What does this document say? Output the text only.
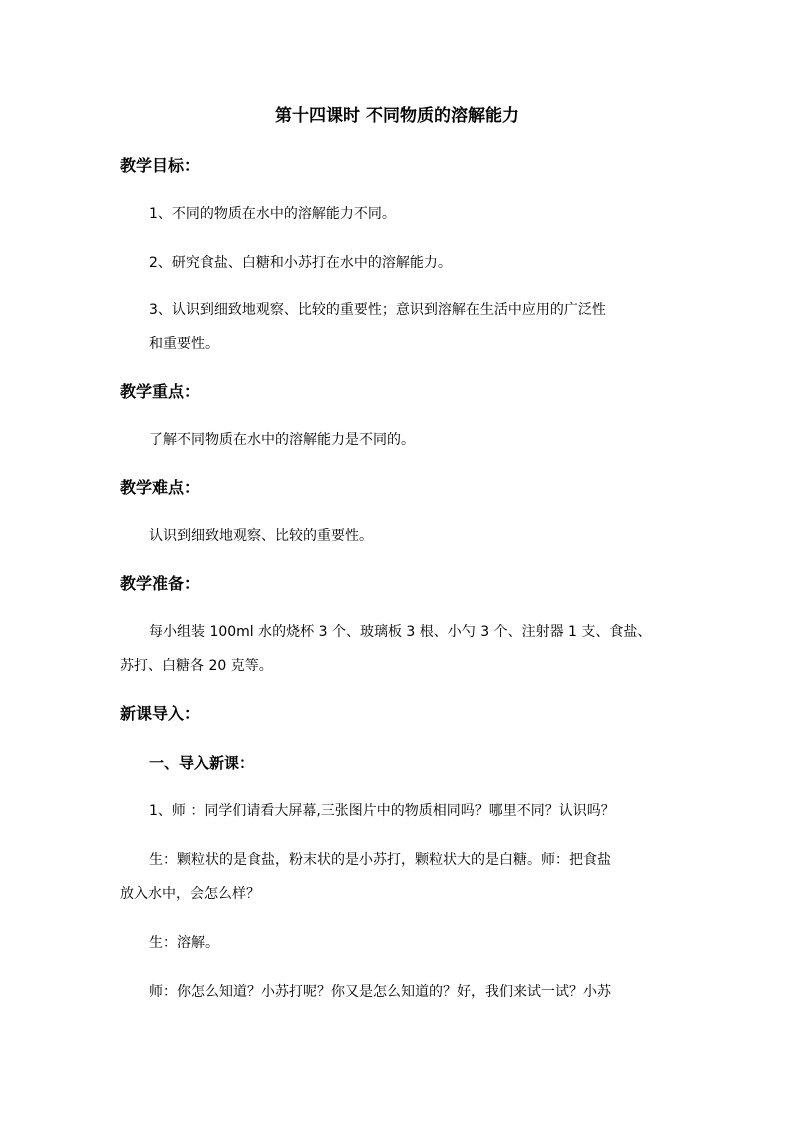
第十四课时 不同物质的溶解能力
教学目标：
1、不同的物质在水中的溶解能力不同。
2、研究食盐、白糖和小苏打在水中的溶解能力。
3、认识到细致地观察、比较的重要性；意识到溶解在生活中应用的广泛性
和重要性。
教学重点：
了解不同物质在水中的溶解能力是不同的。
教学难点：
认识到细致地观察、比较的重要性。
教学准备：
每小组装 100ml 水的烧杯 3 个、玻璃板 3 根、小勺 3 个、注射器 1 支、食盐、
苏打、白糖各 20 克等。
新课导入：
一、导入新课：
1、师 ：同学们请看大屏幕,三张图片中的物质相同吗？哪里不同？认识吗？
生：颗粒状的是食盐，粉末状的是小苏打，颗粒状大的是白糖。师：把食盐
放入水中，会怎么样？
生：溶解。
师：你怎么知道？小苏打呢？你又是怎么知道的？好，我们来试一试？小苏
